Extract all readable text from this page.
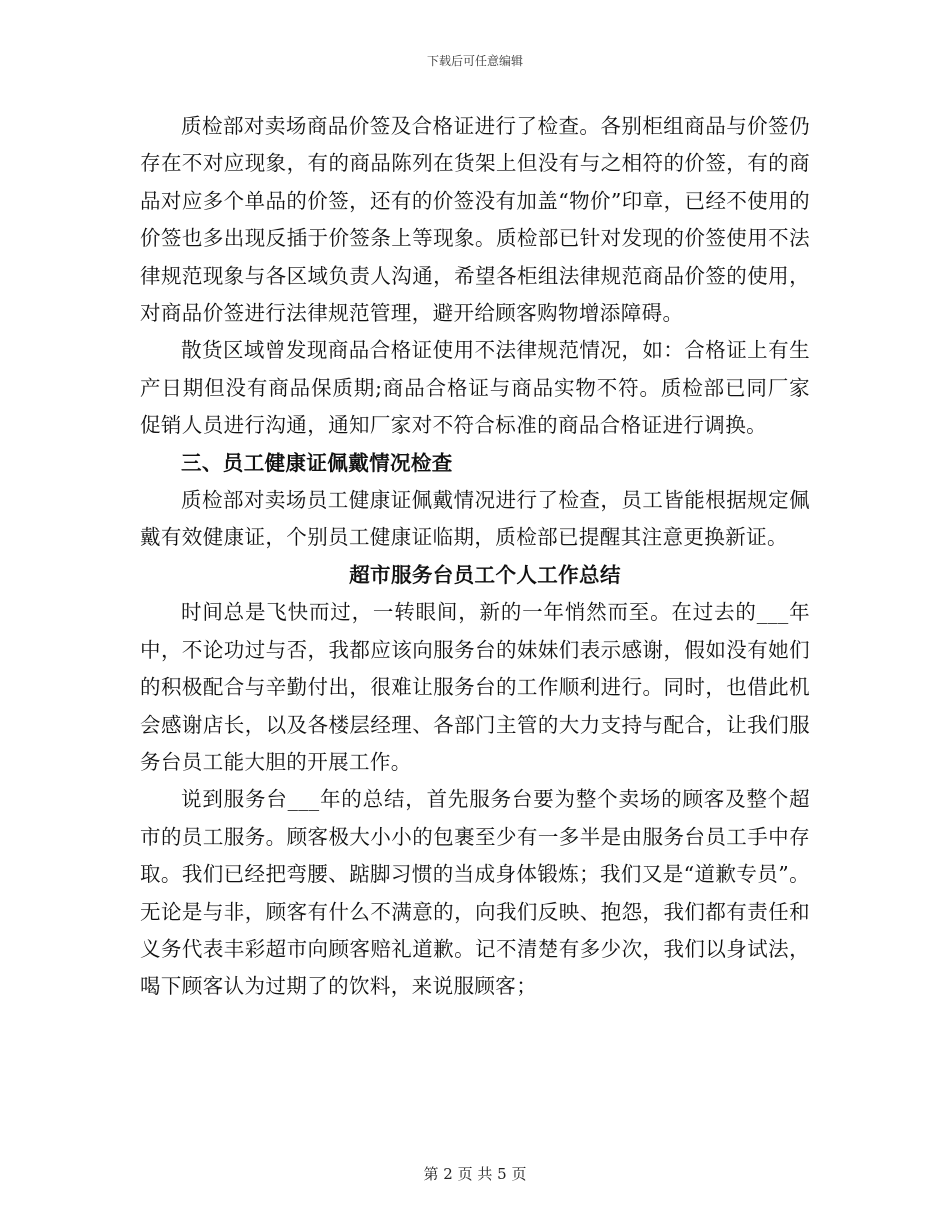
下载后可任意编辑

质检部对卖场商品价签及合格证进行了检查。各别柜组商品与价签仍存在不对应现象，有的商品陈列在货架上但没有与之相符的价签，有的商品对应多个单品的价签，还有的价签没有加盖“物价”印章，已经不使用的价签也多出现反插于价签条上等现象。质检部已针对发现的价签使用不法律规范现象与各区域负责人沟通，希望各柜组法律规范商品价签的使用，对商品价签进行法律规范管理，避开给顾客购物增添障碍。

散货区域曾发现商品合格证使用不法律规范情况，如：合格证上有生产日期但没有商品保质期;商品合格证与商品实物不符。质检部已同厂家促销人员进行沟通，通知厂家对不符合标准的商品合格证进行调换。

三、员工健康证佩戴情况检查

质检部对卖场员工健康证佩戴情况进行了检查，员工皆能根据规定佩戴有效健康证，个别员工健康证临期，质检部已提醒其注意更换新证。

超市服务台员工个人工作总结

时间总是飞快而过，一转眼间，新的一年悄然而至。在过去的___年中，不论功过与否，我都应该向服务台的妹妹们表示感谢，假如没有她们的积极配合与辛勤付出，很难让服务台的工作顺利进行。同时，也借此机会感谢店长，以及各楼层经理、各部门主管的大力支持与配合，让我们服务台员工能大胆的开展工作。

说到服务台___年的总结，首先服务台要为整个卖场的顾客及整个超市的员工服务。顾客极大小小的包裹至少有一多半是由服务台员工手中存取。我们已经把弯腰、踮脚习惯的当成身体锻炼；我们又是“道歉专员”。无论是与非，顾客有什么不满意的，向我们反映、抱怨，我们都有责任和义务代表丰彩超市向顾客赔礼道歉。记不清楚有多少次，我们以身试法，喝下顾客认为过期了的饮料，来说服顾客；

第 2 页 共 5 页
